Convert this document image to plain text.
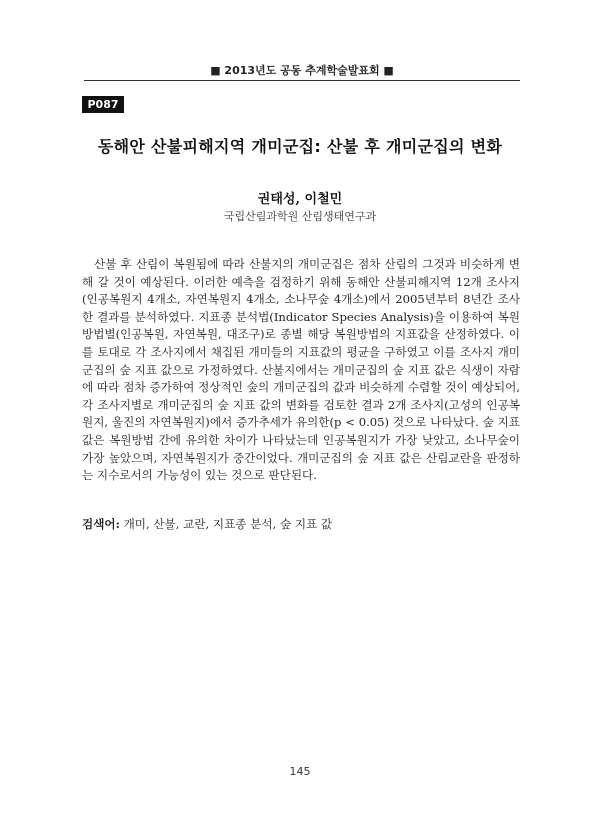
■ 2013년도 공동 추계학술발표회 ■
P087
동해안 산불피해지역 개미군집: 산불 후 개미군집의 변화
권태성, 이철민
국립산림과학원 산림생태연구과

산불 후 산림이 복원됨에 따라 산불지의 개미군집은 점차 산림의 그것과 비슷하게 변해 갈 것이 예상된다. 이러한 예측을 검정하기 위해 동해안 산불피해지역 12개 조사지(인공복원지 4개소, 자연복원지 4개소, 소나무숲 4개소)에서 2005년부터 8년간 조사한 결과를 분석하였다. 지표종 분석법(Indicator Species Analysis)을 이용하여 복원방법별(인공복원, 자연복원, 대조구)로 종별 해당 복원방법의 지표값을 산정하였다. 이를 토대로 각 조사지에서 채집된 개미들의 지표값의 평균을 구하였고 이를 조사지 개미군집의 숲 지표 값으로 가정하였다. 산불지에서는 개미군집의 숲 지표 값은 식생이 자람에 따라 점차 증가하여 정상적인 숲의 개미군집의 값과 비슷하게 수렴할 것이 예상되어, 각 조사지별로 개미군집의 숲 지표 값의 변화를 검토한 결과 2개 조사지(고성의 인공복원지, 울진의 자연복원지)에서 증가추세가 유의한(p < 0.05) 것으로 나타났다. 숲 지표값은 복원방법 간에 유의한 차이가 나타났는데 인공복원지가 가장 낮았고, 소나무숲이 가장 높았으며, 자연복원지가 중간이었다. 개미군집의 숲 지표 값은 산림교란을 판정하는 지수로서의 가능성이 있는 것으로 판단된다.

검색어: 개미, 산불, 교란, 지표종 분석, 숲 지표 값
145
